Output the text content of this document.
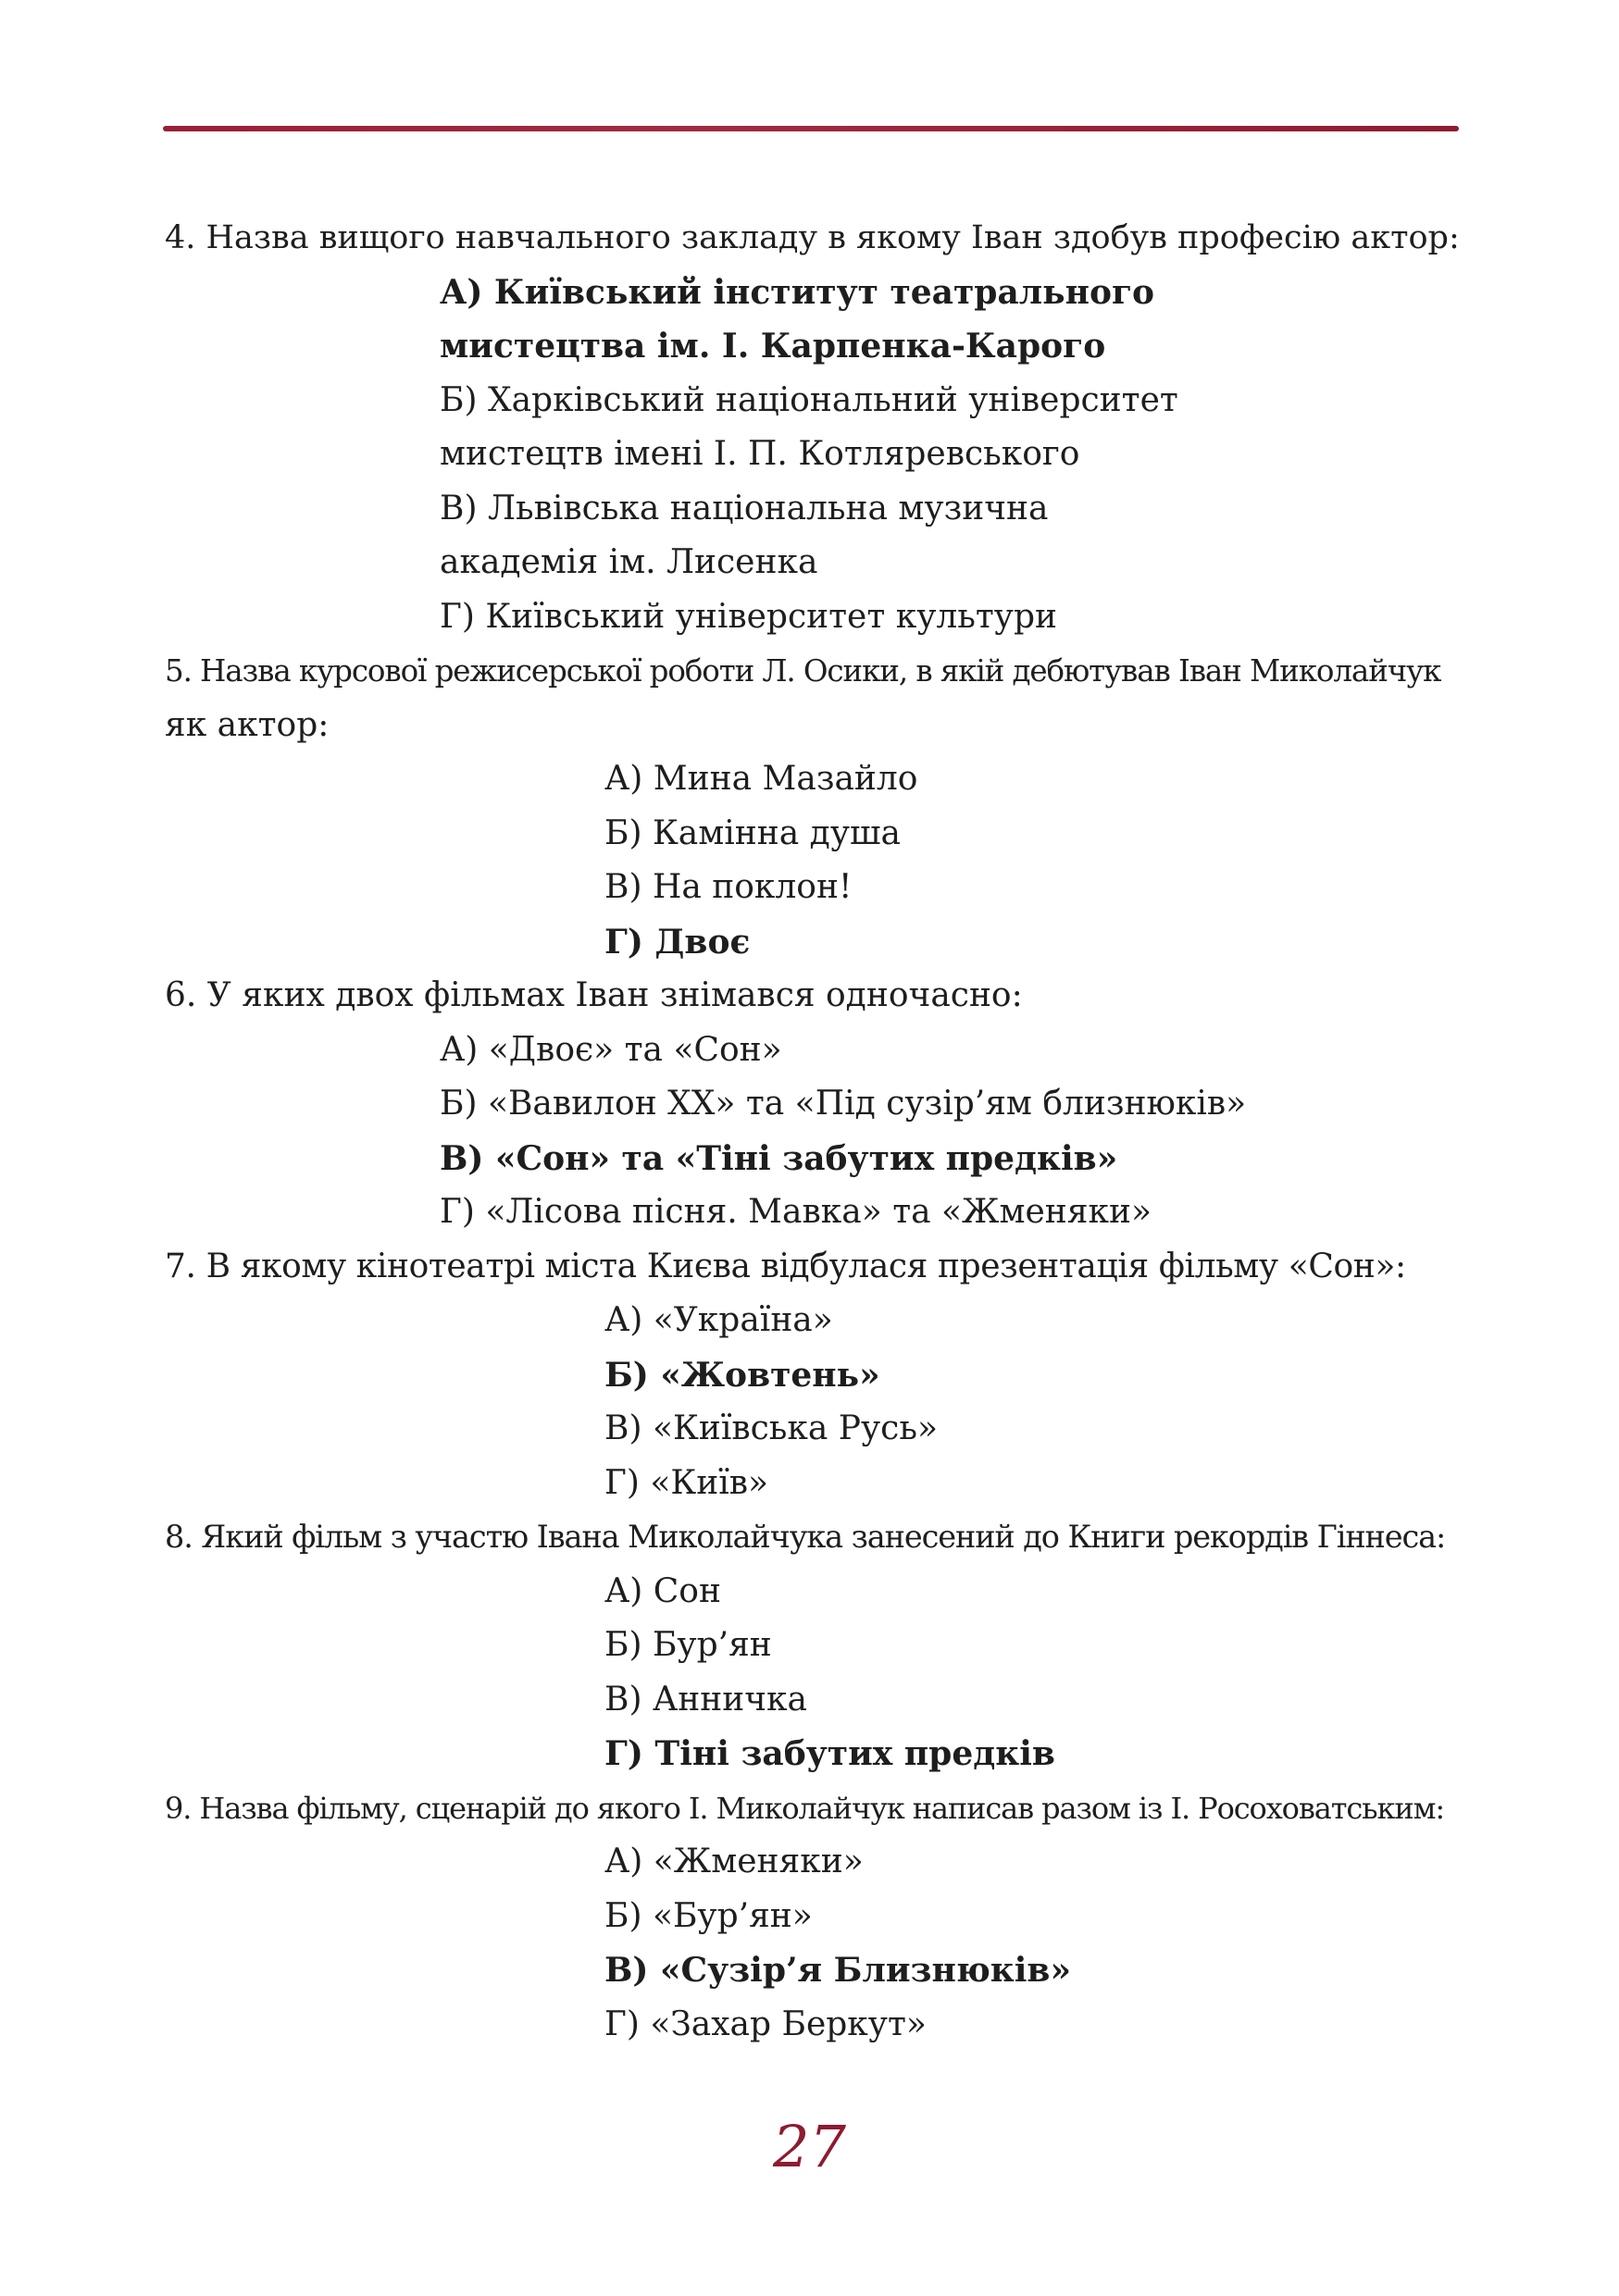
4. Назва вищого навчального закладу в якому Іван здобув професію актор:
А) Київський інститут театрального
мистецтва ім. І. Карпенка-Карого
Б) Харківський національний університет
мистецтв імені І. П. Котляревського
В) Львівська національна музична
академія ім. Лисенка
Г) Київський університет культури
5. Назва курсової режисерської роботи Л. Осики, в якій дебютував Іван Миколайчук
як актор:
А) Мина Мазайло
Б) Камінна душа
В) На поклон!
Г) Двоє
6. У яких двох фільмах Іван знімався одночасно:
А) «Двоє» та «Сон»
Б) «Вавилон ХХ» та «Під сузір’ям близнюків»
В) «Сон» та «Тіні забутих предків»
Г) «Лісова пісня. Мавка» та «Жменяки»
7. В якому кінотеатрі міста Києва відбулася презентація фільму «Сон»:
А) «Україна»
Б) «Жовтень»
В) «Київська Русь»
Г) «Київ»
8. Який фільм з участю Івана Миколайчука занесений до Книги рекордів Гіннеса:
А) Сон
Б) Бур’ян
В) Анничка
Г) Тіні забутих предків
9. Назва фільму, сценарій до якого І. Миколайчук написав разом із І. Росоховатським:
А) «Жменяки»
Б) «Бур’ян»
В) «Сузір’я Близнюків»
Г) «Захар Беркут»
27
